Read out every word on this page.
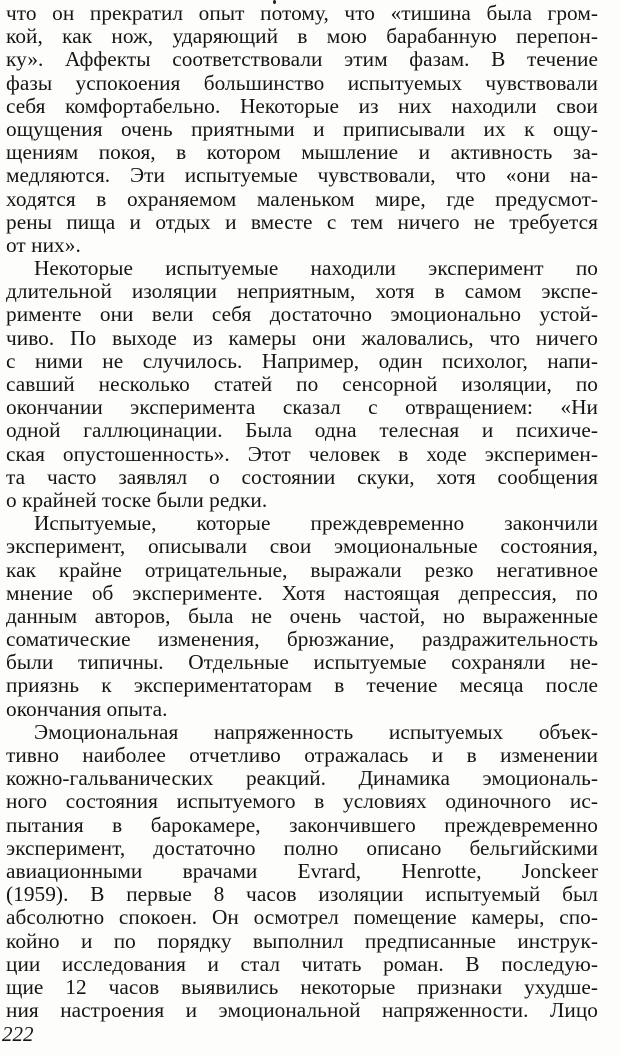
что он прекратил опыт потому, что «тишина была гром-
кой, как нож, ударяющий в мою барабанную перепон-
ку». Аффекты соответствовали этим фазам. В течение
фазы успокоения большинство испытуемых чувствовали
себя комфортабельно. Некоторые из них находили свои
ощущения очень приятными и приписывали их к ощу-
щениям покоя, в котором мышление и активность за-
медляются. Эти испытуемые чувствовали, что «они на-
ходятся в охраняемом маленьком мире, где предусмот-
рены пища и отдых и вместе с тем ничего не требуется
от них».
Некоторые испытуемые находили эксперимент по
длительной изоляции неприятным, хотя в самом экспе-
рименте они вели себя достаточно эмоционально устой-
чиво. По выходе из камеры они жаловались, что ничего
с ними не случилось. Например, один психолог, напи-
савший несколько статей по сенсорной изоляции, по
окончании эксперимента сказал с отвращением: «Ни
одной галлюцинации. Была одна телесная и психиче-
ская опустошенность». Этот человек в ходе эксперимен-
та часто заявлял о состоянии скуки, хотя сообщения
о крайней тоске были редки.
Испытуемые, которые преждевременно закончили
эксперимент, описывали свои эмоциональные состояния,
как крайне отрицательные, выражали резко негативное
мнение об эксперименте. Хотя настоящая депрессия, по
данным авторов, была не очень частой, но выраженные
соматические изменения, брюзжание, раздражительность
были типичны. Отдельные испытуемые сохраняли не-
приязнь к экспериментаторам в течение месяца после
окончания опыта.
Эмоциональная напряженность испытуемых объек-
тивно наиболее отчетливо отражалась и в изменении
кожно-гальванических реакций. Динамика эмоциональ-
ного состояния испытуемого в условиях одиночного ис-
пытания в барокамере, закончившего преждевременно
эксперимент, достаточно полно описано бельгийскими
авиационными врачами Evrard, Henrotte, Jonckeer
(1959). В первые 8 часов изоляции испытуемый был
абсолютно спокоен. Он осмотрел помещение камеры, спо-
койно и по порядку выполнил предписанные инструк-
ции исследования и стал читать роман. В последую-
щие 12 часов выявились некоторые признаки ухудше-
ния настроения и эмоциональной напряженности. Лицо
222
